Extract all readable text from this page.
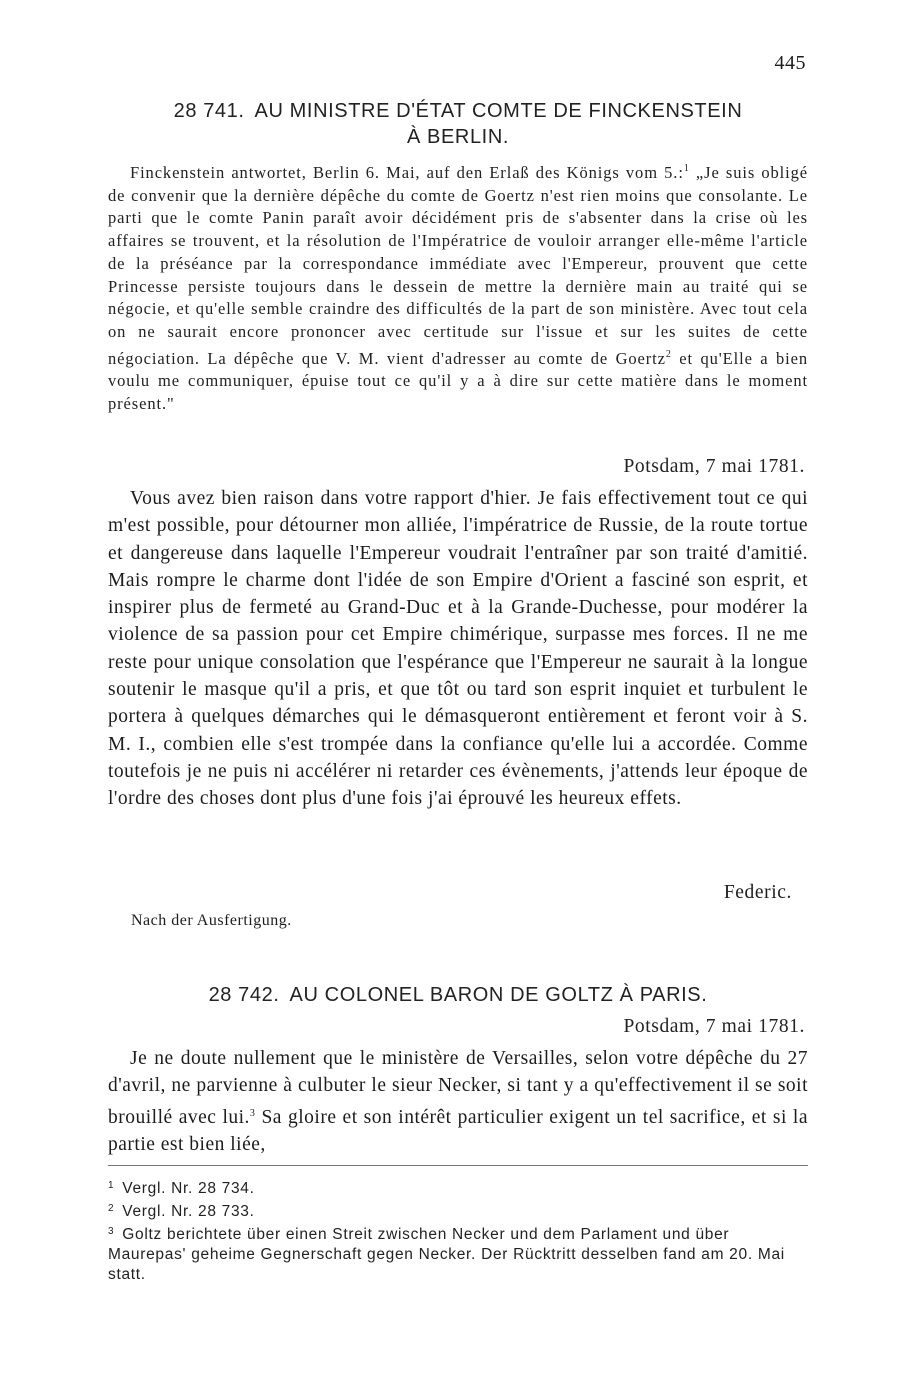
445
28 741. AU MINISTRE D'ÉTAT COMTE DE FINCKENSTEIN
À BERLIN.
Finckenstein antwortet, Berlin 6. Mai, auf den Erlaß des Königs vom 5.:$^1$ „Je suis obligé de convenir que la dernière dépêche du comte de Goertz n'est rien moins que consolante. Le parti que le comte Panin paraît avoir décidément pris de s'absenter dans la crise où les affaires se trouvent, et la résolution de l'Impératrice de vouloir arranger elle-même l'article de la préséance par la correspondance immédiate avec l'Empereur, prouvent que cette Princesse persiste toujours dans le dessein de mettre la dernière main au traité qui se négocie, et qu'elle semble craindre des difficultés de la part de son ministère. Avec tout cela on ne saurait encore prononcer avec certitude sur l'issue et sur les suites de cette négociation. La dépêche que V. M. vient d'adresser au comte de Goertz$^2$ et qu'Elle a bien voulu me communiquer, épuise tout ce qu'il y a à dire sur cette matière dans le moment présent."
Potsdam, 7 mai 1781.
Vous avez bien raison dans votre rapport d'hier. Je fais effectivement tout ce qui m'est possible, pour détourner mon alliée, l'impératrice de Russie, de la route tortue et dangereuse dans laquelle l'Empereur voudrait l'entraîner par son traité d'amitié. Mais rompre le charme dont l'idée de son Empire d'Orient a fasciné son esprit, et inspirer plus de fermeté au Grand-Duc et à la Grande-Duchesse, pour modérer la violence de sa passion pour cet Empire chimérique, surpasse mes forces. Il ne me reste pour unique consolation que l'espérance que l'Empereur ne saurait à la longue soutenir le masque qu'il a pris, et que tôt ou tard son esprit inquiet et turbulent le portera à quelques démarches qui le démasqueront entièrement et feront voir à S. M. I., combien elle s'est trompée dans la confiance qu'elle lui a accordée. Comme toutefois je ne puis ni accélérer ni retarder ces évènements, j'attends leur époque de l'ordre des choses dont plus d'une fois j'ai éprouvé les heureux effets.
Federic.
Nach der Ausfertigung.
28 742. AU COLONEL BARON DE GOLTZ À PARIS.
Potsdam, 7 mai 1781.
Je ne doute nullement que le ministère de Versailles, selon votre dépêche du 27 d'avril, ne parvienne à culbuter le sieur Necker, si tant y a qu'effectivement il se soit brouillé avec lui.$^3$ Sa gloire et son intérêt particulier exigent un tel sacrifice, et si la partie est bien liée,
$^1$ Vergl. Nr. 28 734.
$^2$ Vergl. Nr. 28 733.
$^3$ Goltz berichtete über einen Streit zwischen Necker und dem Parlament und über Maurepas' geheime Gegnerschaft gegen Necker. Der Rücktritt desselben fand am 20. Mai statt.
